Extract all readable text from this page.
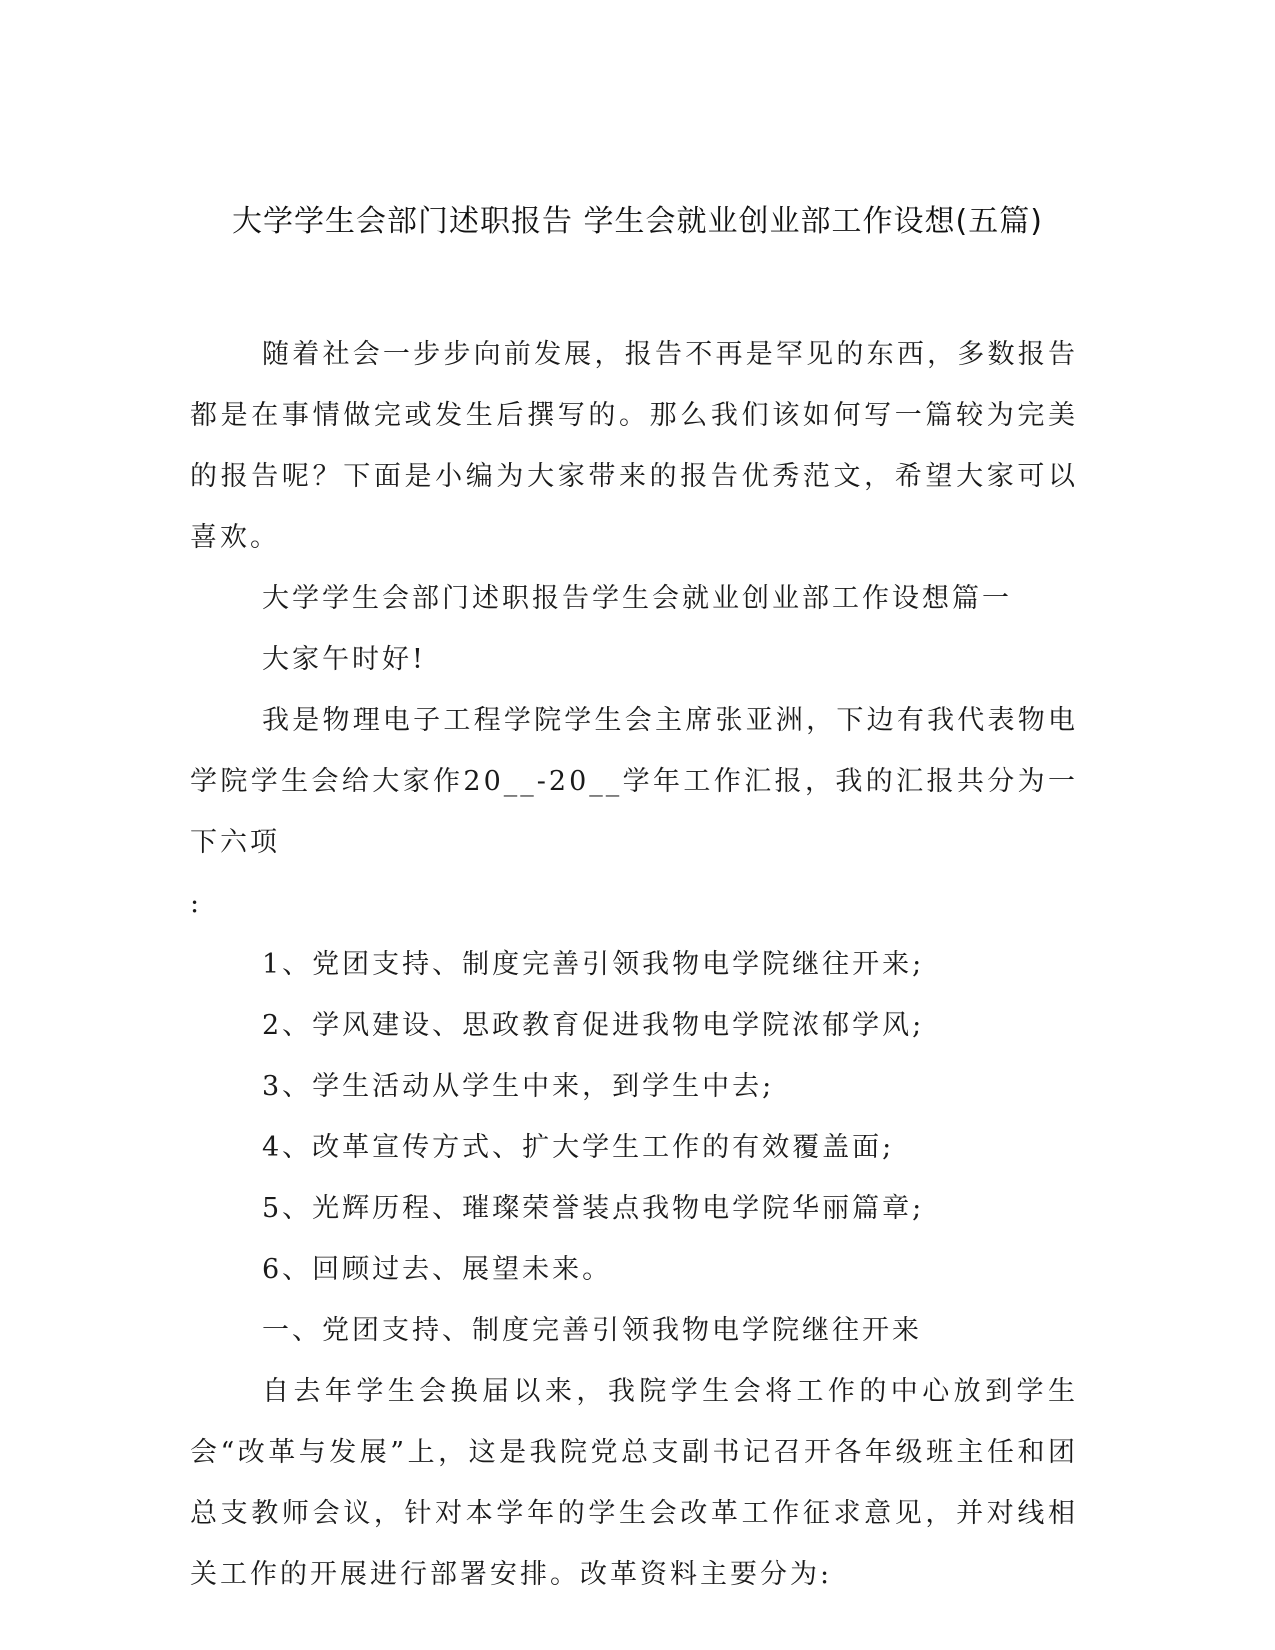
大学学生会部门述职报告 学生会就业创业部工作设想(五篇)

随着社会一步步向前发展，报告不再是罕见的东西，多数报告都是在事情做完或发生后撰写的。那么我们该如何写一篇较为完美的报告呢？下面是小编为大家带来的报告优秀范文，希望大家可以喜欢。

大学学生会部门述职报告学生会就业创业部工作设想篇一

大家午时好!

我是物理电子工程学院学生会主席张亚洲，下边有我代表物电学院学生会给大家作20__-20__学年工作汇报，我的汇报共分为一下六项

:

1、党团支持、制度完善引领我物电学院继往开来;

2、学风建设、思政教育促进我物电学院浓郁学风;

3、学生活动从学生中来，到学生中去;

4、改革宣传方式、扩大学生工作的有效覆盖面;

5、光辉历程、璀璨荣誉装点我物电学院华丽篇章;

6、回顾过去、展望未来。

一、党团支持、制度完善引领我物电学院继往开来

自去年学生会换届以来，我院学生会将工作的中心放到学生会“改革与发展”上，这是我院党总支副书记召开各年级班主任和团总支教师会议，针对本学年的学生会改革工作征求意见，并对线相关工作的开展进行部署安排。改革资料主要分为:
